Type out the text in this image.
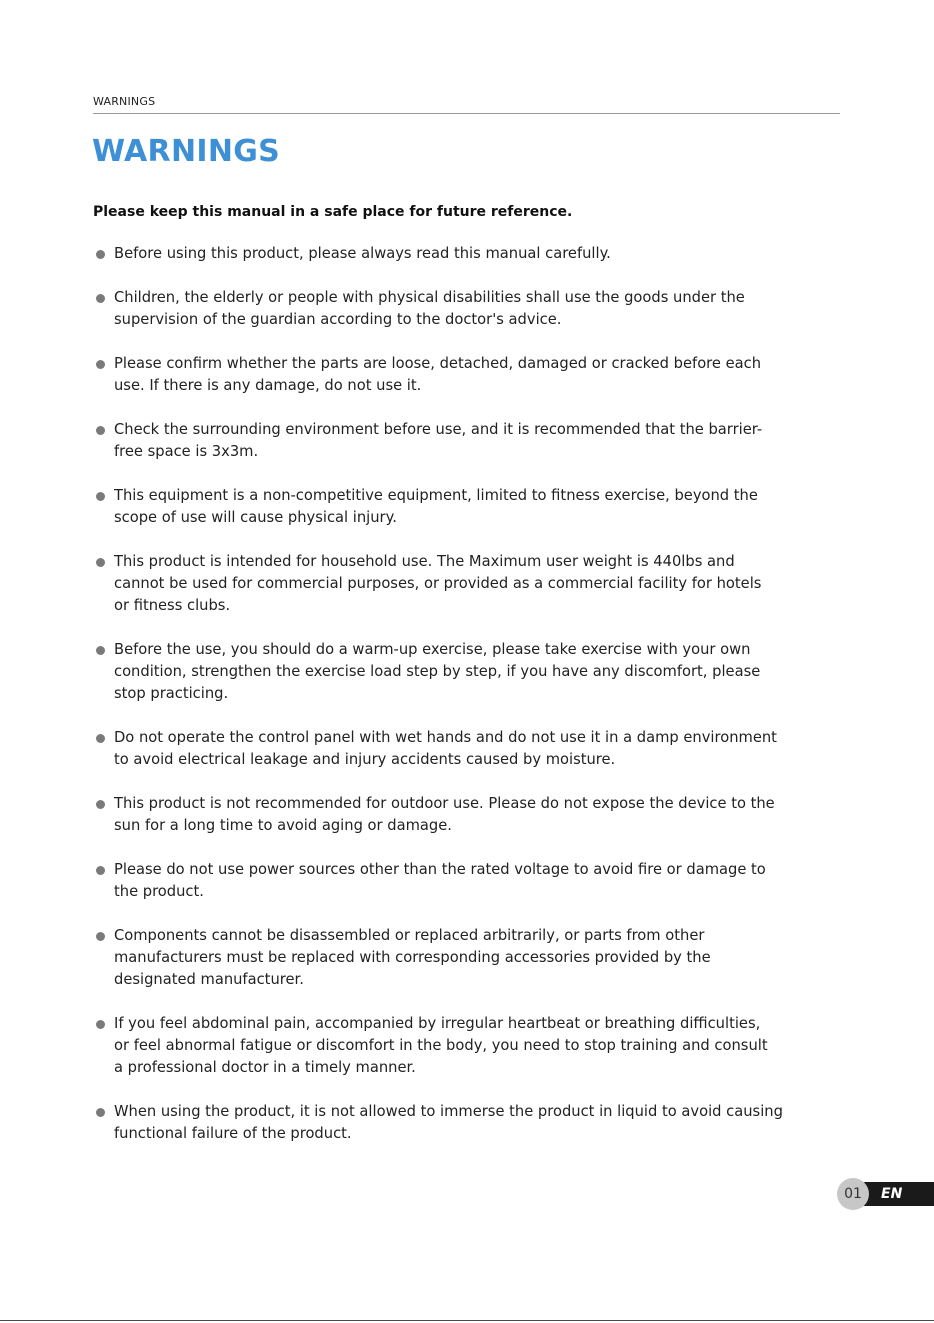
WARNINGS
WARNINGS
Please keep this manual in a safe place for future reference.
Before using this product, please always read this manual carefully.
Children, the elderly or people with physical disabilities shall use the goods under the
supervision of the guardian according to the doctor's advice.
Please confirm whether the parts are loose, detached, damaged or cracked before each
use. If there is any damage, do not use it.
Check the surrounding environment before use, and it is recommended that the barrier-
free space is 3x3m.
This equipment is a non-competitive equipment, limited to fitness exercise, beyond the
scope of use will cause physical injury.
This product is intended for household use. The Maximum user weight is 440lbs and
cannot be used for commercial purposes, or provided as a commercial facility for hotels
or fitness clubs.
Before the use, you should do a warm-up exercise, please take exercise with your own
condition, strengthen the exercise load step by step, if you have any discomfort, please
stop practicing.
Do not operate the control panel with wet hands and do not use it in a damp environment
to avoid electrical leakage and injury accidents caused by moisture.
This product is not recommended for outdoor use. Please do not expose the device to the
sun for a long time to avoid aging or damage.
Please do not use power sources other than the rated voltage to avoid fire or damage to
the product.
Components cannot be disassembled or replaced arbitrarily, or parts from other
manufacturers must be replaced with corresponding accessories provided by the
designated manufacturer.
If you feel abdominal pain, accompanied by irregular heartbeat or breathing difficulties,
or feel abnormal fatigue or discomfort in the body, you need to stop training and consult
a professional doctor in a timely manner.
When using the product, it is not allowed to immerse the product in liquid to avoid causing
functional failure of the product.
EN
01
